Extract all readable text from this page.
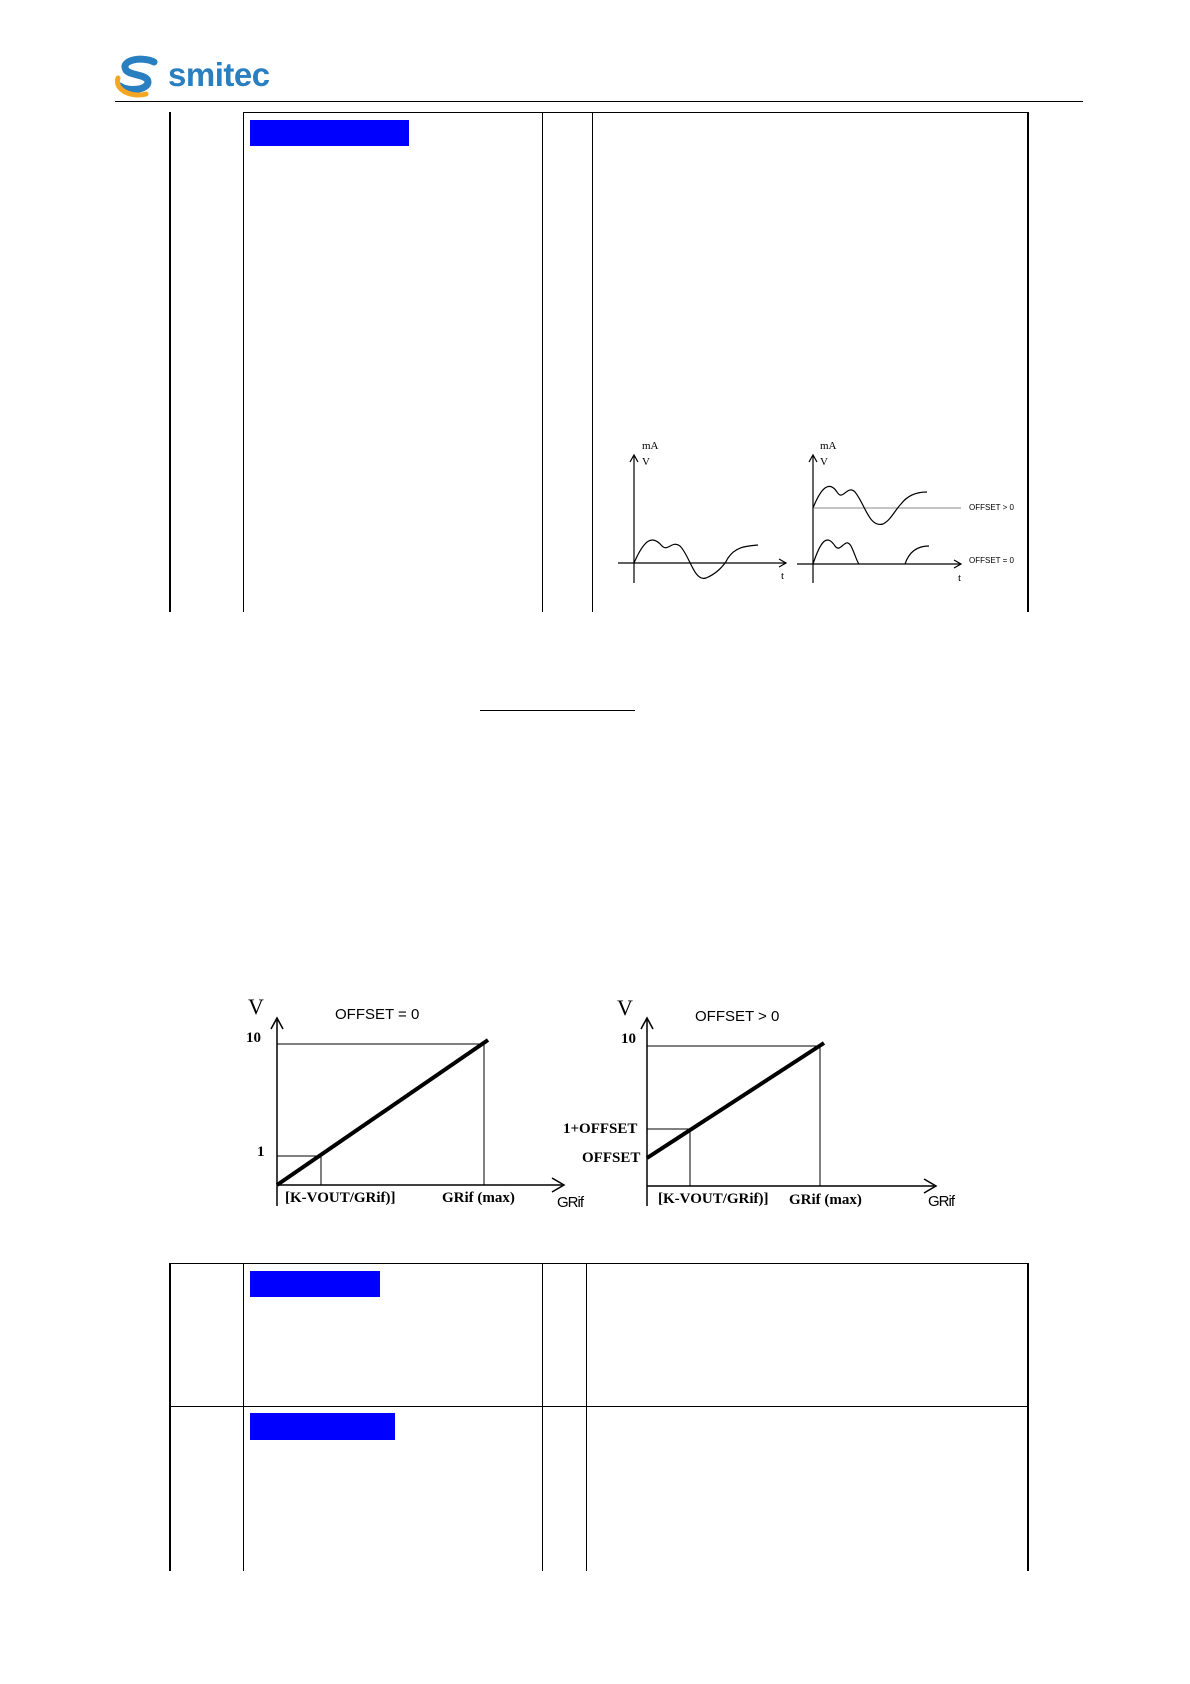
smitec
mA
V
t
mA
V
t
OFFSET > 0
OFFSET = 0
OFFSET = 0
V
10
1
[K-VOUT/GRif)]	GRif (max)	GRif
OFFSET > 0
V
10
1+OFFSET
OFFSET
[K-VOUT/GRif)] GRif (max)	GRif
